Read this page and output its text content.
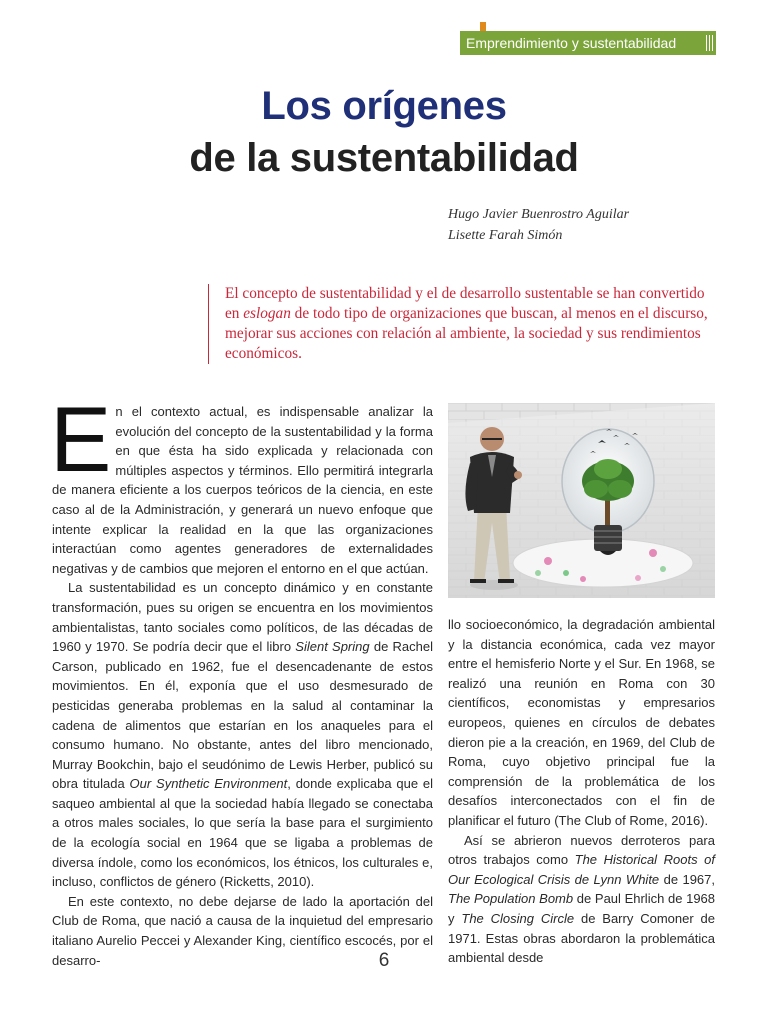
Emprendimiento y sustentabilidad
Los orígenes
de la sustentabilidad
Hugo Javier Buenrostro Aguilar
Lisette Farah Simón
El concepto de sustentabilidad y el de desarrollo sustentable se han convertido en eslogan de todo tipo de organizaciones que buscan, al menos en el discurso, mejorar sus acciones con relación al ambiente, la sociedad y sus rendimientos económicos.

En el contexto actual, es indispensable analizar la evolución del concepto de la sustentabilidad y la forma en que ésta ha sido explicada y relacionada con múltiples aspectos y términos. Ello permitirá integrarla de manera eficiente a los cuerpos teóricos de la ciencia, en este caso al de la Administración, y generará un nuevo enfoque que intente explicar la realidad en la que las organizaciones interactúan como agentes generadores de externalidades negativas y de cambios que mejoren el entorno en el que actúan.

La sustentabilidad es un concepto dinámico y en constante transformación, pues su origen se encuentra en los movimientos ambientalistas, tanto sociales como políticos, de las décadas de 1960 y 1970. Se podría decir que el libro Silent Spring de Rachel Carson, publicado en 1962, fue el desencadenante de estos movimientos. En él, exponía que el uso desmesurado de pesticidas generaba problemas en la salud al contaminar la cadena de alimentos que estarían en los anaqueles para el consumo humano. No obstante, antes del libro mencionado, Murray Bookchin, bajo el seudónimo de Lewis Herber, publicó su obra titulada Our Synthetic Environment, donde explicaba que el saqueo ambiental al que la sociedad había llegado se conectaba a otros males sociales, lo que sería la base para el surgimiento de la ecología social en 1964 que se ligaba a problemas de diversa índole, como los económicos, los étnicos, los culturales e, incluso, conflictos de género (Ricketts, 2010).

En este contexto, no debe dejarse de lado la aportación del Club de Roma, que nació a causa de la inquietud del empresario italiano Aurelio Peccei y Alexander King, científico escocés, por el desarro-

llo socioeconómico, la degradación ambiental y la distancia económica, cada vez mayor entre el hemisferio Norte y el Sur. En 1968, se realizó una reunión en Roma con 30 científicos, economistas y empresarios europeos, quienes en círculos de debates dieron pie a la creación, en 1969, del Club de Roma, cuyo objetivo principal fue la comprensión de la problemática de los desafíos interconectados con el fin de planificar el futuro (The Club of Rome, 2016).

Así se abrieron nuevos derroteros para otros trabajos como The Historical Roots of Our Ecological Crisis de Lynn White de 1967, The Population Bomb de Paul Ehrlich de 1968 y The Closing Circle de Barry Comoner de 1971. Estas obras abordaron la problemática ambiental desde

6
